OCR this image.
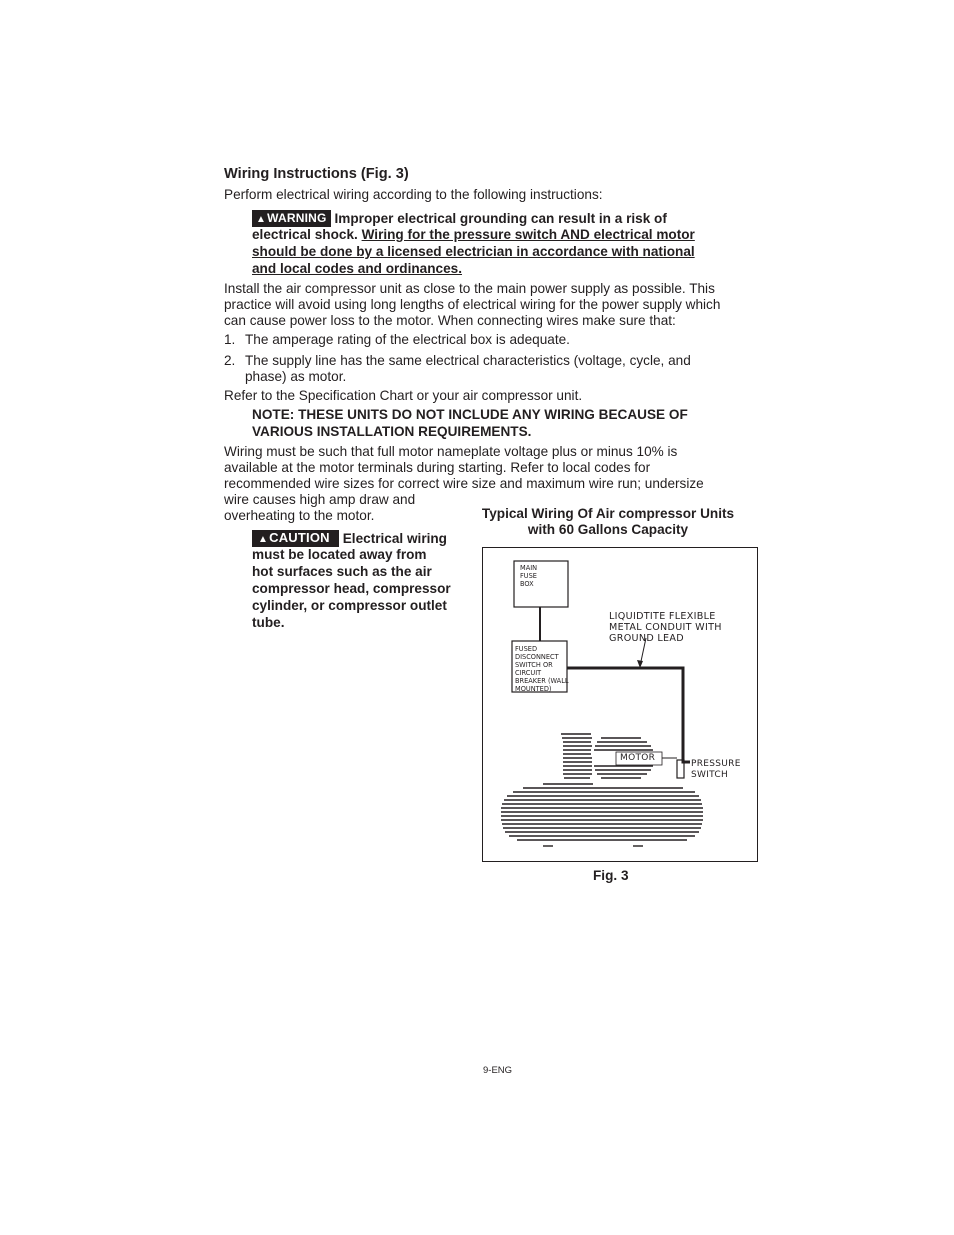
Wiring Instructions (Fig. 3)
Perform electrical wiring according to the following instructions:
▲WARNING Improper electrical grounding can result in a risk of
electrical shock. Wiring for the pressure switch AND electrical motor
should be done by a licensed electrician in accordance with national
and local codes and ordinances.
Install the air compressor unit as close to the main power supply as possible. This
practice will avoid using long lengths of electrical wiring for the power supply which
can cause power loss to the motor. When connecting wires make sure that:
1. The amperage rating of the electrical box is adequate.
2. The supply line has the same electrical characteristics (voltage, cycle, and
phase) as motor.
Refer to the Specification Chart or your air compressor unit.
NOTE: THESE UNITS DO NOT INCLUDE ANY WIRING BECAUSE OF
VARIOUS INSTALLATION REQUIREMENTS.
Wiring must be such that full motor nameplate voltage plus or minus 10% is
available at the motor terminals during starting. Refer to local codes for
recommended wire sizes for correct wire size and maximum wire run; undersize
wire causes high amp draw and
overheating to the motor.
▲CAUTION Electrical wiring
must be located away from
hot surfaces such as the air
compressor head, compressor
cylinder, or compressor outlet
tube.
Typical Wiring Of Air compressor Units
with 60 Gallons Capacity
MAIN
FUSE
BOX
FUSED
DISCONNECT
SWITCH OR
CIRCUIT
BREAKER (WALL
MOUNTED)
LIQUIDTITE FLEXIBLE
METAL CONDUIT WITH
GROUND LEAD
MOTOR
PRESSURE
SWITCH
Fig. 3
9-ENG
